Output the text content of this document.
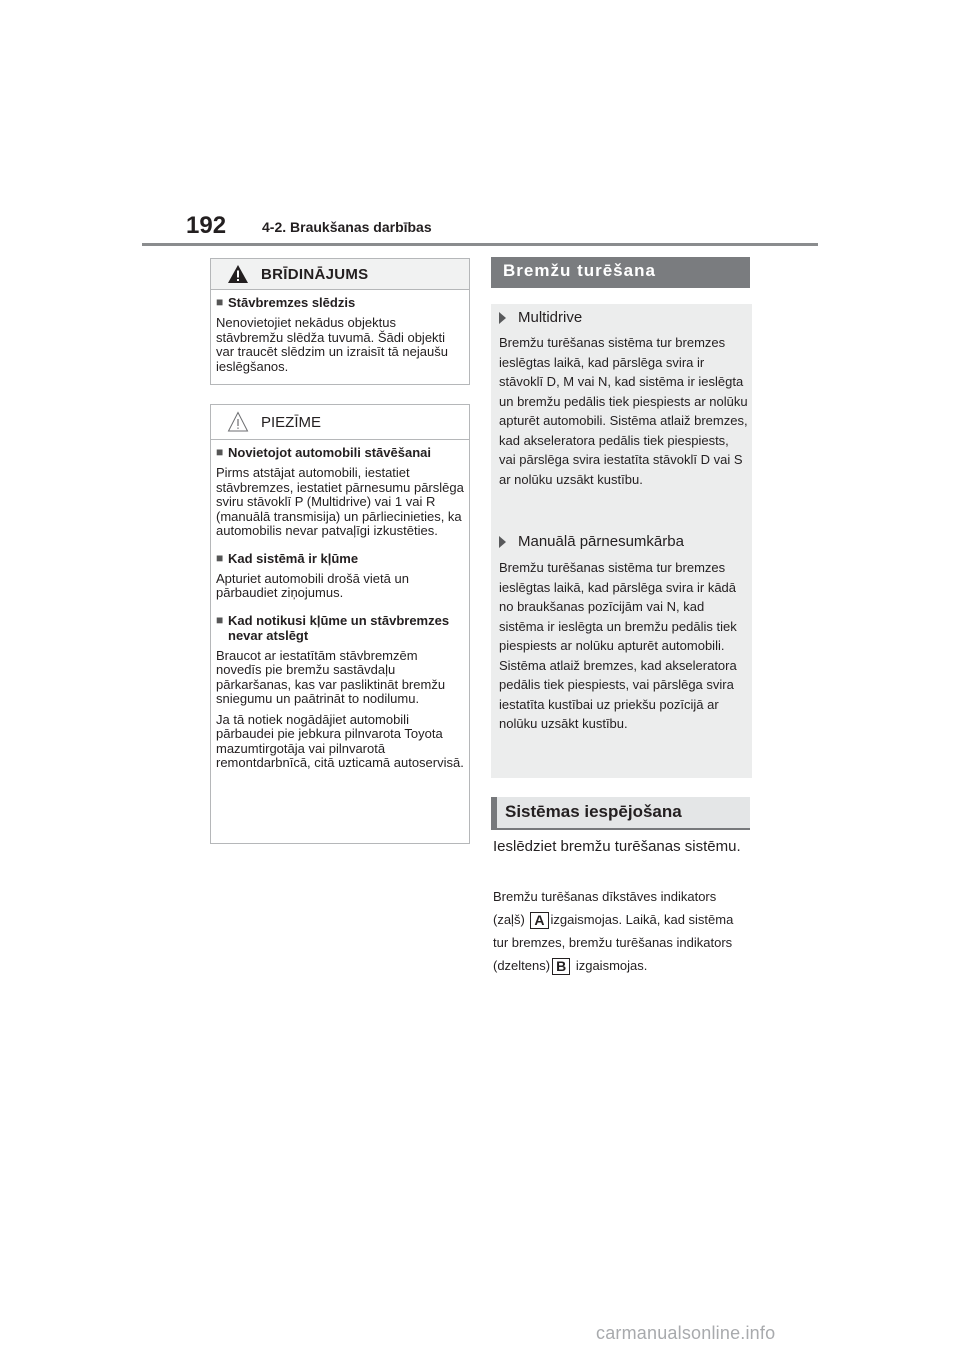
192	4-2. Braukšanas darbības
BRĪDINĀJUMS
■ Stāvbremzes slēdzis
Nenovietojiet nekādus objektus stāvbremžu slēdža tuvumā. Šādi objekti var traucēt slēdzim un izraisīt tā nejaušu ieslēgšanos.
PIEZĪME
■ Novietojot automobili stāvēšanai
Pirms atstājat automobili, iestatiet stāvbremzes, iestatiet pārnesumu pārslēga sviru stāvoklī P (Multidrive) vai 1 vai R (manuālā transmisija) un pārliecinieties, ka automobilis nevar patvaļīgi izkustēties.
■ Kad sistēmā ir kļūme
Apturiet automobili drošā vietā un pārbaudiet ziņojumus.
■ Kad notikusi kļūme un stāvbremzes nevar atslēgt
Braucot ar iestatītām stāvbremzēm novedīs pie bremžu sastāvdaļu pārkaršanas, kas var pasliktināt bremžu sniegumu un paātrināt to nodilumu.
Ja tā notiek nogādājiet automobili pārbaudei pie jebkura pilnvarota Toyota mazumtirgotāja vai pilnvarotā remontdarbnīcā, citā uzticamā autoservisā.
Bremžu turēšana
Multidrive
Bremžu turēšanas sistēma tur bremzes ieslēgtas laikā, kad pārslēga svira ir stāvoklī D, M vai N, kad sistēma ir ieslēgta un bremžu pedālis tiek piespiests ar nolūku apturēt automobili. Sistēma atlaiž bremzes, kad akseleratora pedālis tiek piespiests, vai pārslēga svira iestatīta stāvoklī D vai S ar nolūku uzsākt kustību.
Manuālā pārnesumkārba
Bremžu turēšanas sistēma tur bremzes ieslēgtas laikā, kad pārslēga svira ir kādā no braukšanas pozīcijām vai N, kad sistēma ir ieslēgta un bremžu pedālis tiek piespiests ar nolūku apturēt automobili. Sistēma atlaiž bremzes, kad akseleratora pedālis tiek piespiests, vai pārslēga svira iestatīta kustībai uz priekšu pozīcijā ar nolūku uzsākt kustību.
Sistēmas iespējošana
Ieslēdziet bremžu turēšanas sistēmu.
Bremžu turēšanas dīkstāves indikators (zaļš) A izgaismojas. Laikā, kad sistēma tur bremzes, bremžu turēšanas indikators (dzeltens) B izgaismojas.
carmanualsonline.info
